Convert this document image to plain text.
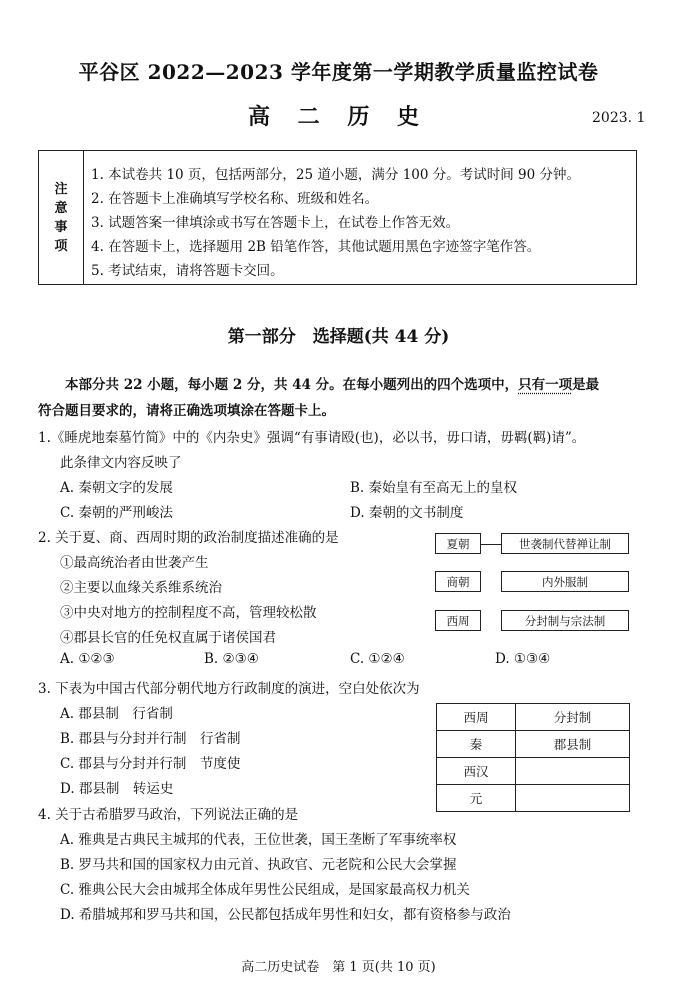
平谷区 2022—2023 学年度第一学期教学质量监控试卷
高 二 历 史	2023. 1
注
意
事
项
1. 本试卷共 10 页，包括两部分，25 道小题，满分 100 分。考试时间 90 分钟。
2. 在答题卡上准确填写学校名称、班级和姓名。
3. 试题答案一律填涂或书写在答题卡上，在试卷上作答无效。
4. 在答题卡上，选择题用 2B 铅笔作答，其他试题用黑色字迹签字笔作答。
5. 考试结束，请将答题卡交回。
第一部分　选择题(共 44 分)
本部分共 22 小题，每小题 2 分，共 44 分。在每小题列出的四个选项中，只有一项是最
符合题目要求的，请将正确选项填涂在答题卡上。
1.《睡虎地秦墓竹简》中的《内杂史》强调“有事请殴(也)，必以书，毋口请，毋羁(羁)请”。
此条律文内容反映了
A. 秦朝文字的发展	B. 秦始皇有至高无上的皇权
C. 秦朝的严刑峻法	D. 秦朝的文书制度
2. 关于夏、商、西周时期的政治制度描述准确的是
①最高统治者由世袭产生
②主要以血缘关系维系统治
③中央对地方的控制程度不高，管理较松散
④郡县长官的任免权直属于诸侯国君
A. ①②③	B. ②③④	C. ①②④	D. ①③④
夏朝	世袭制代替禅让制
商朝	内外服制
西周	分封制与宗法制
3. 下表为中国古代部分朝代地方行政制度的演进，空白处依次为
A. 郡县制　行省制
B. 郡县与分封并行制　行省制
C. 郡县与分封并行制　节度使
D. 郡县制　转运史
西周	分封制
秦	郡县制
西汉	
元	
4. 关于古希腊罗马政治，下列说法正确的是
A. 雅典是古典民主城邦的代表，王位世袭，国王垄断了军事统率权
B. 罗马共和国的国家权力由元首、执政官、元老院和公民大会掌握
C. 雅典公民大会由城邦全体成年男性公民组成，是国家最高权力机关
D. 希腊城邦和罗马共和国，公民都包括成年男性和妇女，都有资格参与政治
高二历史试卷　第 1 页(共 10 页)
